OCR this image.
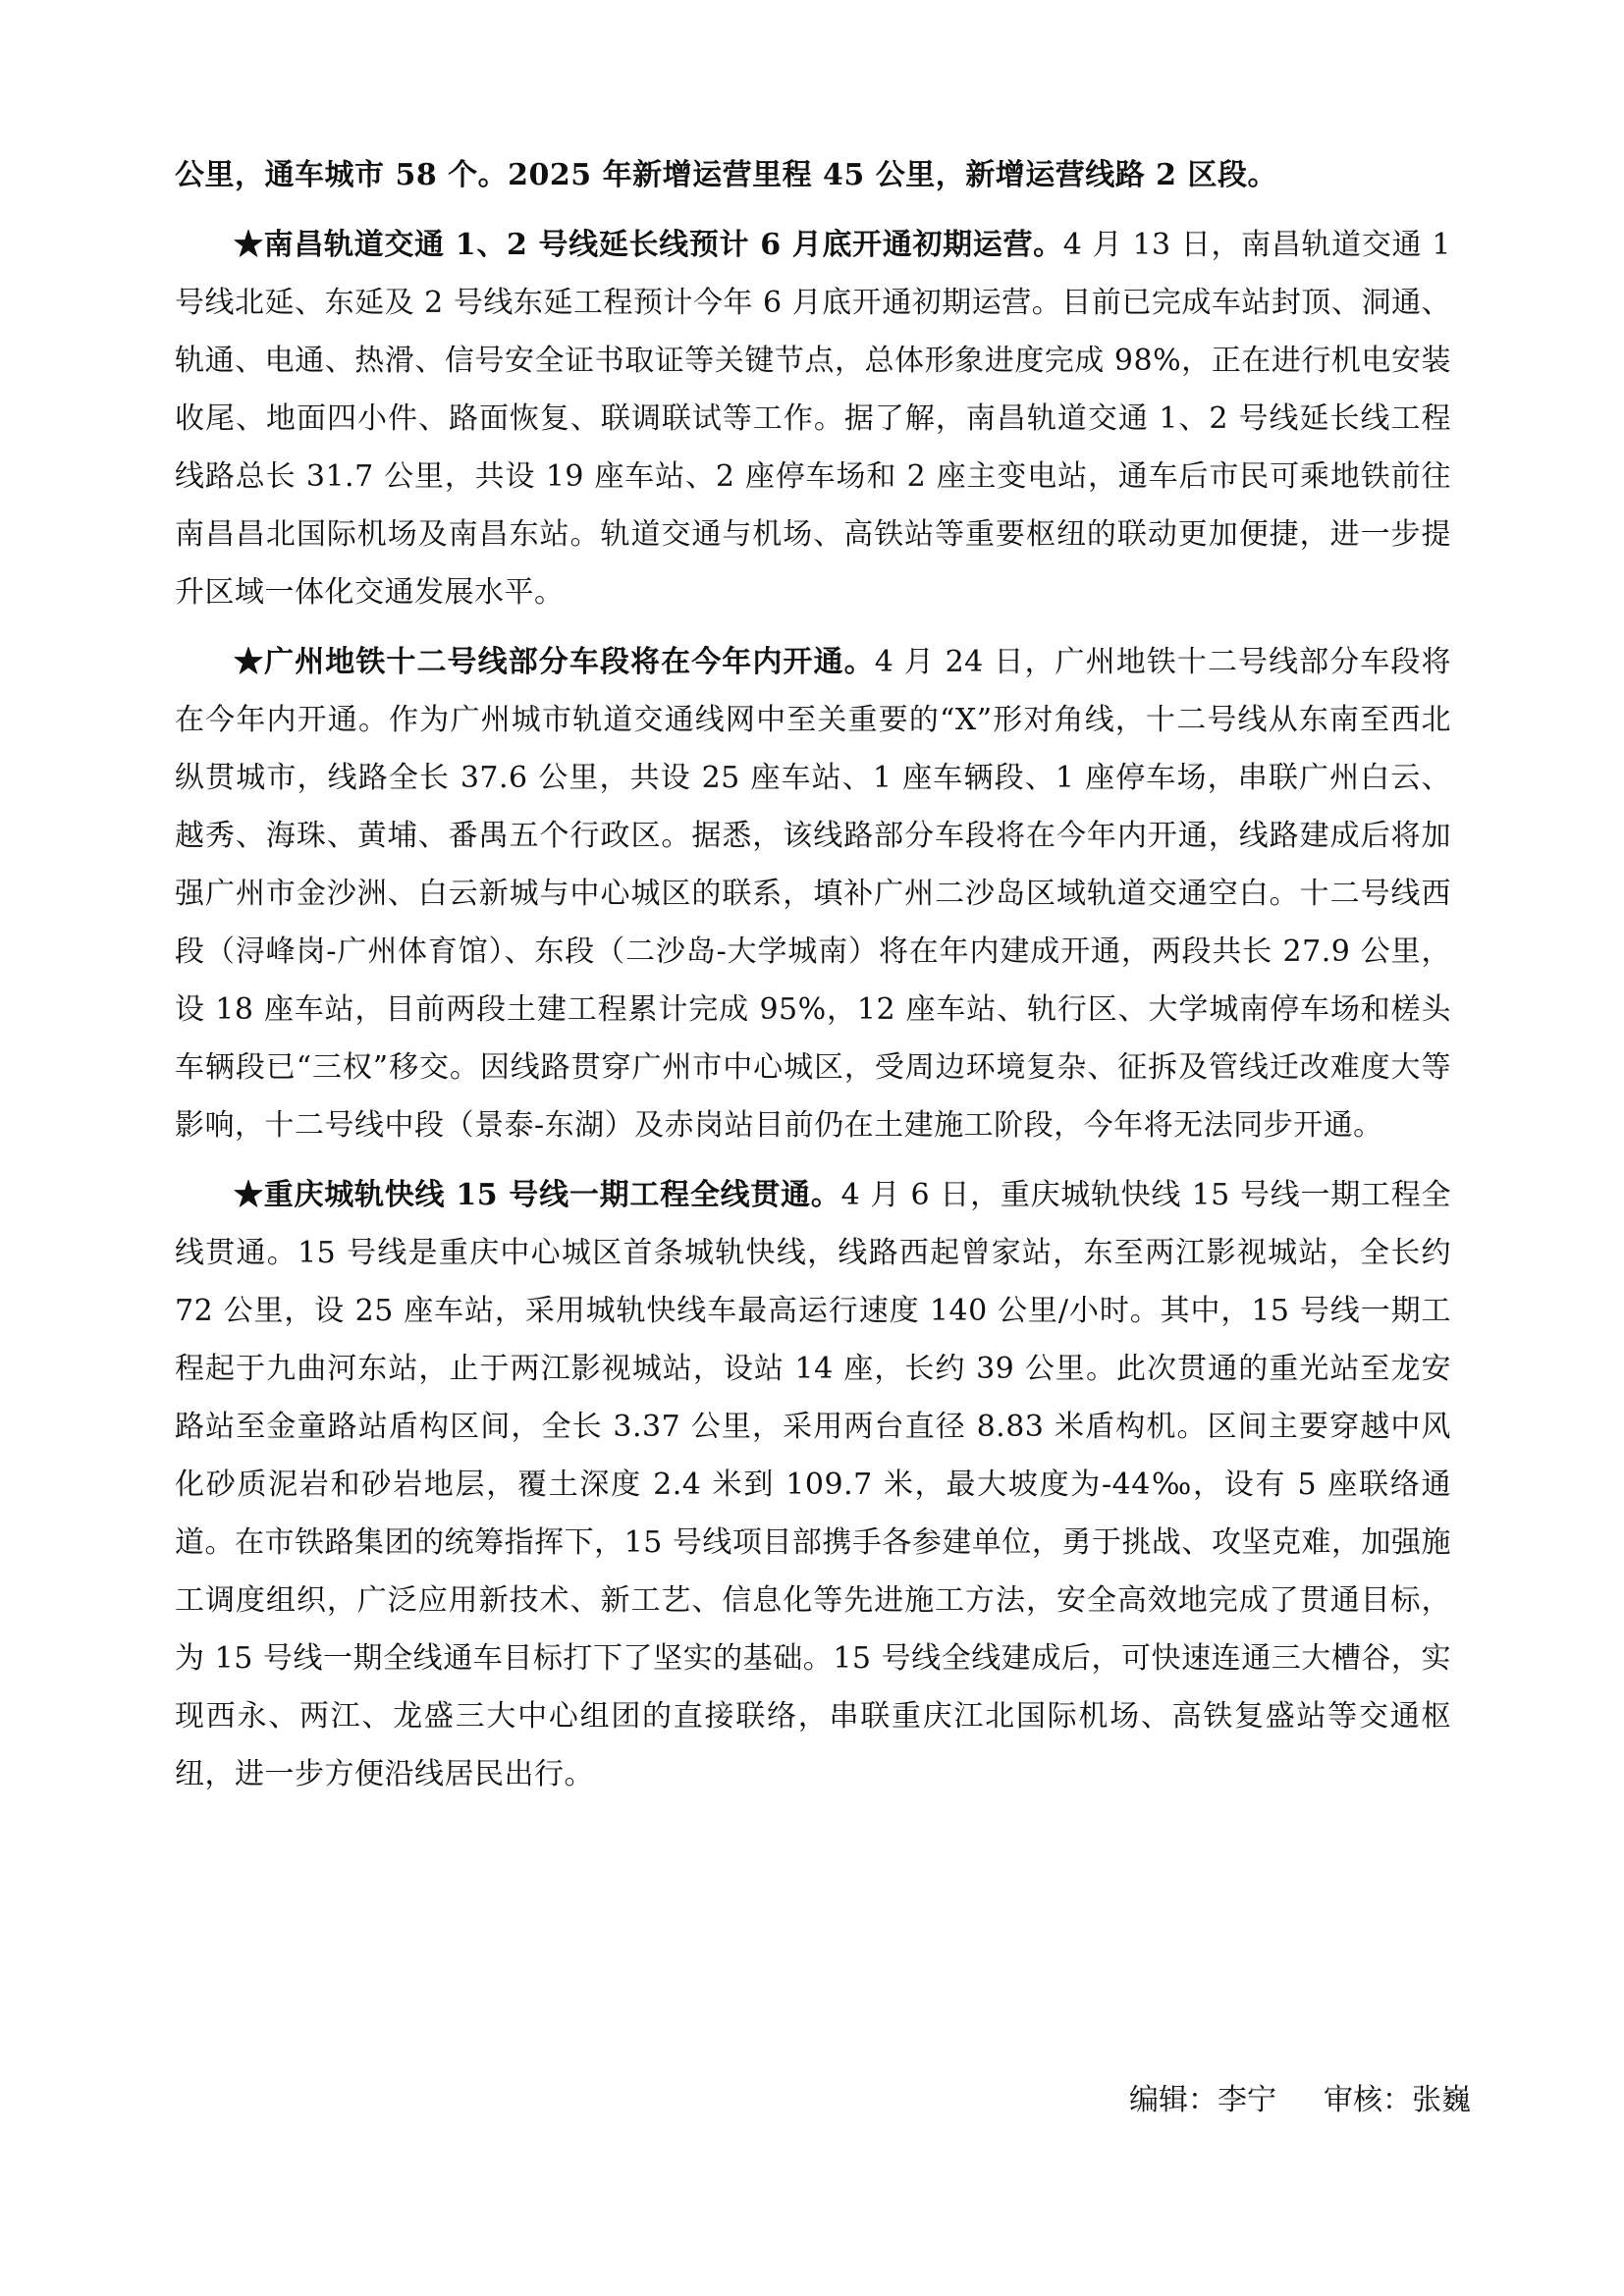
公里，通车城市 58 个。2025 年新增运营里程 45 公里，新增运营线路 2 区段。

★南昌轨道交通 1、2 号线延长线预计 6 月底开通初期运营。4 月 13 日，南昌轨道交通 1 号线北延、东延及 2 号线东延工程预计今年 6 月底开通初期运营。目前已完成车站封顶、洞通、轨通、电通、热滑、信号安全证书取证等关键节点，总体形象进度完成 98%，正在进行机电安装收尾、地面四小件、路面恢复、联调联试等工作。据了解，南昌轨道交通 1、2 号线延长线工程线路总长 31.7 公里，共设 19 座车站、2 座停车场和 2 座主变电站，通车后市民可乘地铁前往南昌昌北国际机场及南昌东站。轨道交通与机场、高铁站等重要枢纽的联动更加便捷，进一步提升区域一体化交通发展水平。

★广州地铁十二号线部分车段将在今年内开通。4 月 24 日，广州地铁十二号线部分车段将在今年内开通。作为广州城市轨道交通线网中至关重要的“X”形对角线，十二号线从东南至西北纵贯城市，线路全长 37.6 公里，共设 25 座车站、1 座车辆段、1 座停车场，串联广州白云、越秀、海珠、黄埔、番禺五个行政区。据悉，该线路部分车段将在今年内开通，线路建成后将加强广州市金沙洲、白云新城与中心城区的联系，填补广州二沙岛区域轨道交通空白。十二号线西段（浔峰岗-广州体育馆）、东段（二沙岛-大学城南）将在年内建成开通，两段共长 27.9 公里，设 18 座车站，目前两段土建工程累计完成 95%，12 座车站、轨行区、大学城南停车场和槎头车辆段已“三权”移交。因线路贯穿广州市中心城区，受周边环境复杂、征拆及管线迁改难度大等影响，十二号线中段（景泰-东湖）及赤岗站目前仍在土建施工阶段，今年将无法同步开通。

★重庆城轨快线 15 号线一期工程全线贯通。4 月 6 日，重庆城轨快线 15 号线一期工程全线贯通。15 号线是重庆中心城区首条城轨快线，线路西起曾家站，东至两江影视城站，全长约 72 公里，设 25 座车站，采用城轨快线车最高运行速度 140 公里/小时。其中，15 号线一期工程起于九曲河东站，止于两江影视城站，设站 14 座，长约 39 公里。此次贯通的重光站至龙安路站至金童路站盾构区间，全长 3.37 公里，采用两台直径 8.83 米盾构机。区间主要穿越中风化砂质泥岩和砂岩地层，覆土深度 2.4 米到 109.7 米，最大坡度为-44‰，设有 5 座联络通道。在市铁路集团的统筹指挥下，15 号线项目部携手各参建单位，勇于挑战、攻坚克难，加强施工调度组织，广泛应用新技术、新工艺、信息化等先进施工方法，安全高效地完成了贯通目标，为 15 号线一期全线通车目标打下了坚实的基础。15 号线全线建成后，可快速连通三大槽谷，实现西永、两江、龙盛三大中心组团的直接联络，串联重庆江北国际机场、高铁复盛站等交通枢纽，进一步方便沿线居民出行。

编辑：李宁 审核：张巍
